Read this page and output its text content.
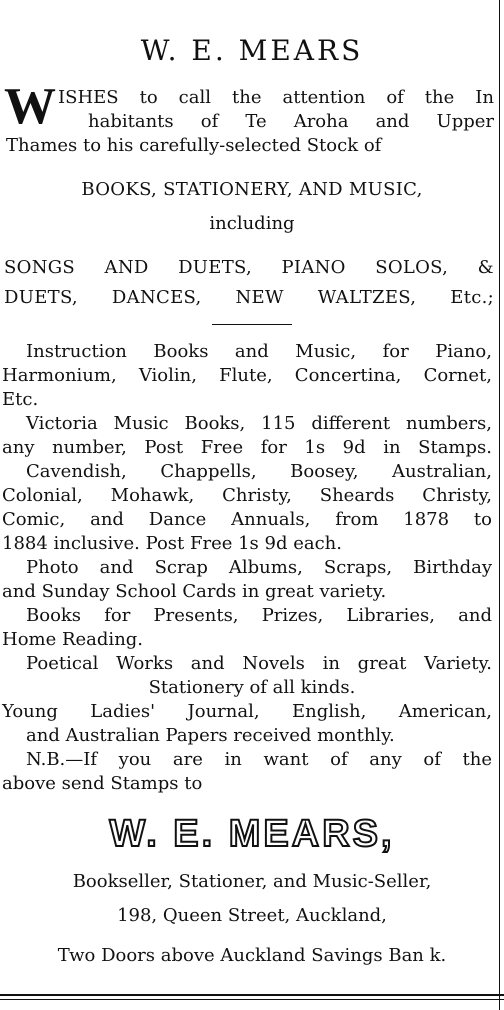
W. E. MEARS
W ISHES to call the attention of the In
habitants of Te Aroha and Upper
Thames to his carefully-selected Stock of
BOOKS, STATIONERY, AND MUSIC,
including
SONGS AND DUETS, PIANO SOLOS, &
DUETS, DANCES, NEW WALTZES, Etc.;
Instruction Books and Music, for Piano,
Harmonium, Violin, Flute, Concertina, Cornet,
Etc.
Victoria Music Books, 115 different numbers,
any number, Post Free for 1s 9d in Stamps.
Cavendish, Chappells, Boosey, Australian,
Colonial, Mohawk, Christy, Sheards Christy,
Comic, and Dance Annuals, from 1878 to
1884 inclusive. Post Free 1s 9d each.
Photo and Scrap Albums, Scraps, Birthday
and Sunday School Cards in great variety.
Books for Presents, Prizes, Libraries, and
Home Reading.
Poetical Works and Novels in great Variety.
Stationery of all kinds.
Young Ladies' Journal, English, American,
and Australian Papers received monthly.
N.B.—If you are in want of any of the
above send Stamps to
W. E. MEARS,
Bookseller, Stationer, and Music-Seller,
198, Queen Street, Auckland,
Two Doors above Auckland Savings Ban k.
